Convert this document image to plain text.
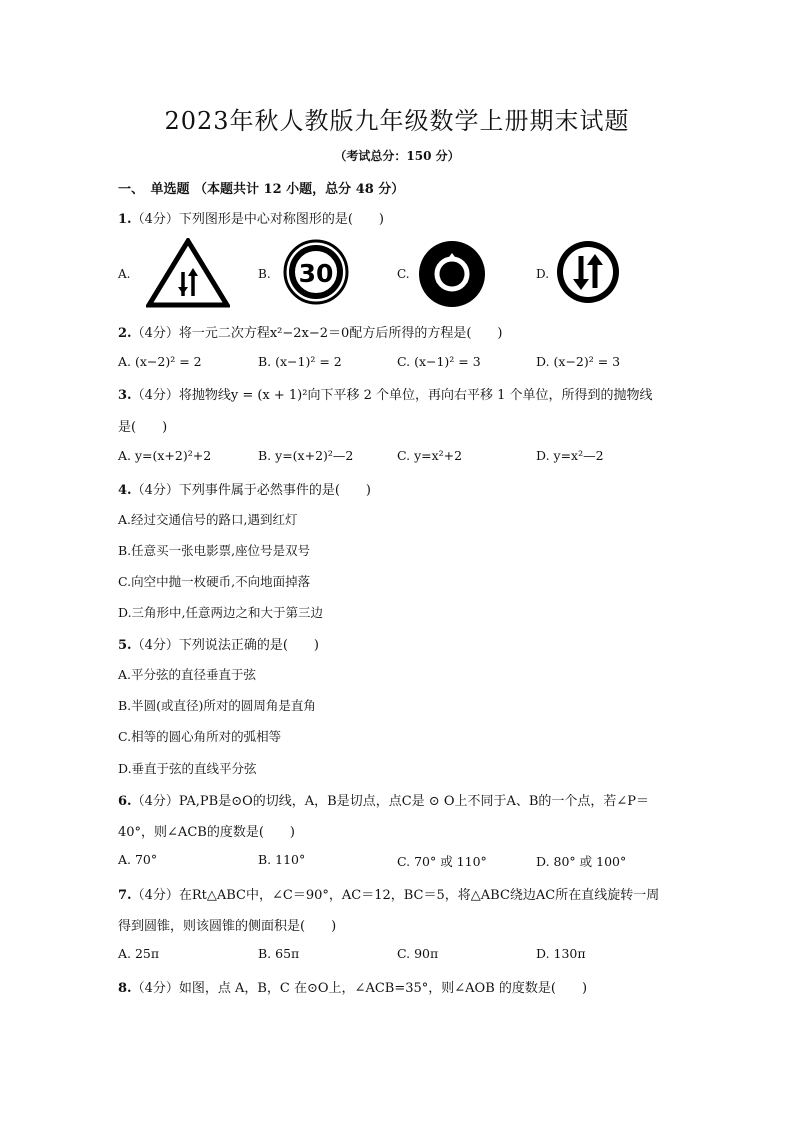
2023年秋人教版九年级数学上册期末试题
（考试总分：150 分）
一、　单选题 （本题共计 12 小题，总分 48 分）
1.（4分）下列图形是中心对称图形的是(　　)
A.	B. 30	C.	D.
2.（4分）将一元二次方程x²−2x−2＝0配方后所得的方程是(　　)
A. (x−2)² = 2	B. (x−1)² = 2	C. (x−1)² = 3	D. (x−2)² = 3
3.（4分）将抛物线y = (x + 1)²向下平移 2 个单位，再向右平移 1 个单位，所得到的抛物线
是(　　)
A. y=(x+2)²+2	B. y=(x+2)²—2	C. y=x²+2	D. y=x²—2
4.（4分）下列事件属于必然事件的是(　　)
A.经过交通信号的路口,遇到红灯
B.任意买一张电影票,座位号是双号
C.向空中抛一枚硬币,不向地面掉落
D.三角形中,任意两边之和大于第三边
5.（4分）下列说法正确的是(　　)
A.平分弦的直径垂直于弦
B.半圆(或直径)所对的圆周角是直角
C.相等的圆心角所对的弧相等
D.垂直于弦的直线平分弦
6.（4分）PA,PB是⊙O的切线，A，B是切点，点C是 ⊙ O上不同于A、B的一个点，若∠P＝
40°，则∠ACB的度数是(　　)
A. 70°	B. 110°	C. 70° 或 110°	D. 80° 或 100°
7.（4分）在Rt△ABC中，∠C＝90°，AC＝12，BC＝5，将△ABC绕边AC所在直线旋转一周
得到圆锥，则该圆锥的侧面积是(　　)
A. 25π	B. 65π	C. 90π	D. 130π
8.（4分）如图，点 A，B，C 在⊙O上，∠ACB=35°，则∠AOB 的度数是(　　)
